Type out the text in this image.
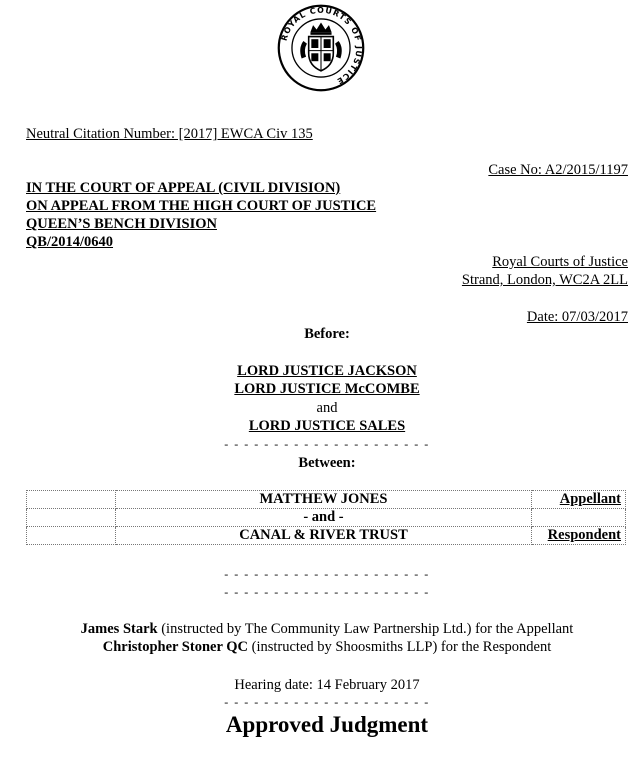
ROYAL COURTS OF JUSTICE
Neutral Citation Number: [2017] EWCA Civ 135
Case No: A2/2015/1197
IN THE COURT OF APPEAL (CIVIL DIVISION)
ON APPEAL FROM THE HIGH COURT OF JUSTICE
QUEEN’S BENCH DIVISION
QB/2014/0640
Royal Courts of Justice
Strand, London, WC2A 2LL
Date: 07/03/2017
Before:
LORD JUSTICE JACKSON
LORD JUSTICE McCOMBE
and
LORD JUSTICE SALES
- - - - - - - - - - - - - - - - - - - - -
Between:
	MATTHEW JONES	Appellant
	- and -	
	CANAL & RIVER TRUST	Respondent
- - - - - - - - - - - - - - - - - - - - -
- - - - - - - - - - - - - - - - - - - - -
James Stark (instructed by The Community Law Partnership Ltd.) for the Appellant
Christopher Stoner QC (instructed by Shoosmiths LLP) for the Respondent
Hearing date: 14 February 2017
- - - - - - - - - - - - - - - - - - - - -
Approved Judgment
